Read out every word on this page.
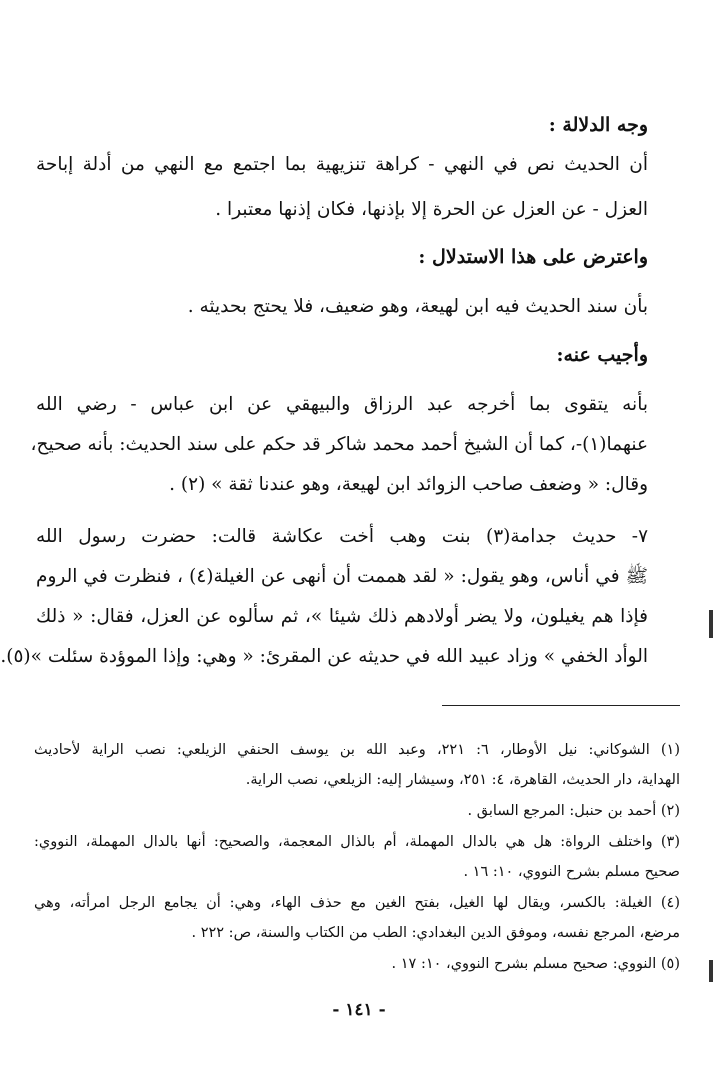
وجه الدلالة :
أن الحديث نص في النهي - كراهة تنزيهية بما اجتمع مع النهي من أدلة إباحة
العزل - عن العزل عن الحرة إلا بإذنها، فكان إذنها معتبرا .
واعترض على هذا الاستدلال :
بأن سند الحديث فيه ابن لهيعة، وهو ضعيف، فلا يحتج بحديثه .
وأجيب عنه:
بأنه يتقوى بما أخرجه عبد الرزاق والبيهقي عن ابن عباس - رضي الله
عنهما(١)-، كما أن الشيخ أحمد محمد شاكر قد حكم على سند الحديث: بأنه صحيح،
وقال: « وضعف صاحب الزوائد ابن لهيعة، وهو عندنا ثقة » (٢) .
٧- حديث جدامة(٣) بنت وهب أخت عكاشة قالت: حضرت رسول الله
ﷺ في أناس، وهو يقول: « لقد هممت أن أنهى عن الغيلة(٤) ، فنظرت في الروم
فإذا هم يغيلون، ولا يضر أولادهم ذلك شيئا »، ثم سألوه عن العزل، فقال: « ذلك
الوأد الخفي » وزاد عبيد الله في حديثه عن المقرئ: « وهي: وإذا الموؤدة سئلت »(٥).
(١) الشوكاني: نيل الأوطار، ٦: ٢٢١، وعبد الله بن يوسف الحنفي الزيلعي: نصب الراية لأحاديث
الهداية، دار الحديث، القاهرة، ٤: ٢٥١، وسيشار إليه: الزيلعي، نصب الراية.
(٢) أحمد بن حنبل: المرجع السابق .
(٣) واختلف الرواة: هل هي بالدال المهملة، أم بالذال المعجمة، والصحيح: أنها بالدال المهملة، النووي:
صحيح مسلم بشرح النووي، ١٠: ١٦ .
(٤) الغيلة: بالكسر، ويقال لها الغيل، بفتح الغين مع حذف الهاء، وهي: أن يجامع الرجل امرأته، وهي
مرضع، المرجع نفسه، وموفق الدين البغدادي: الطب من الكتاب والسنة، ص: ٢٢٢ .
(٥) النووي: صحيح مسلم بشرح النووي، ١٠: ١٧ .
- ١٤١ -
